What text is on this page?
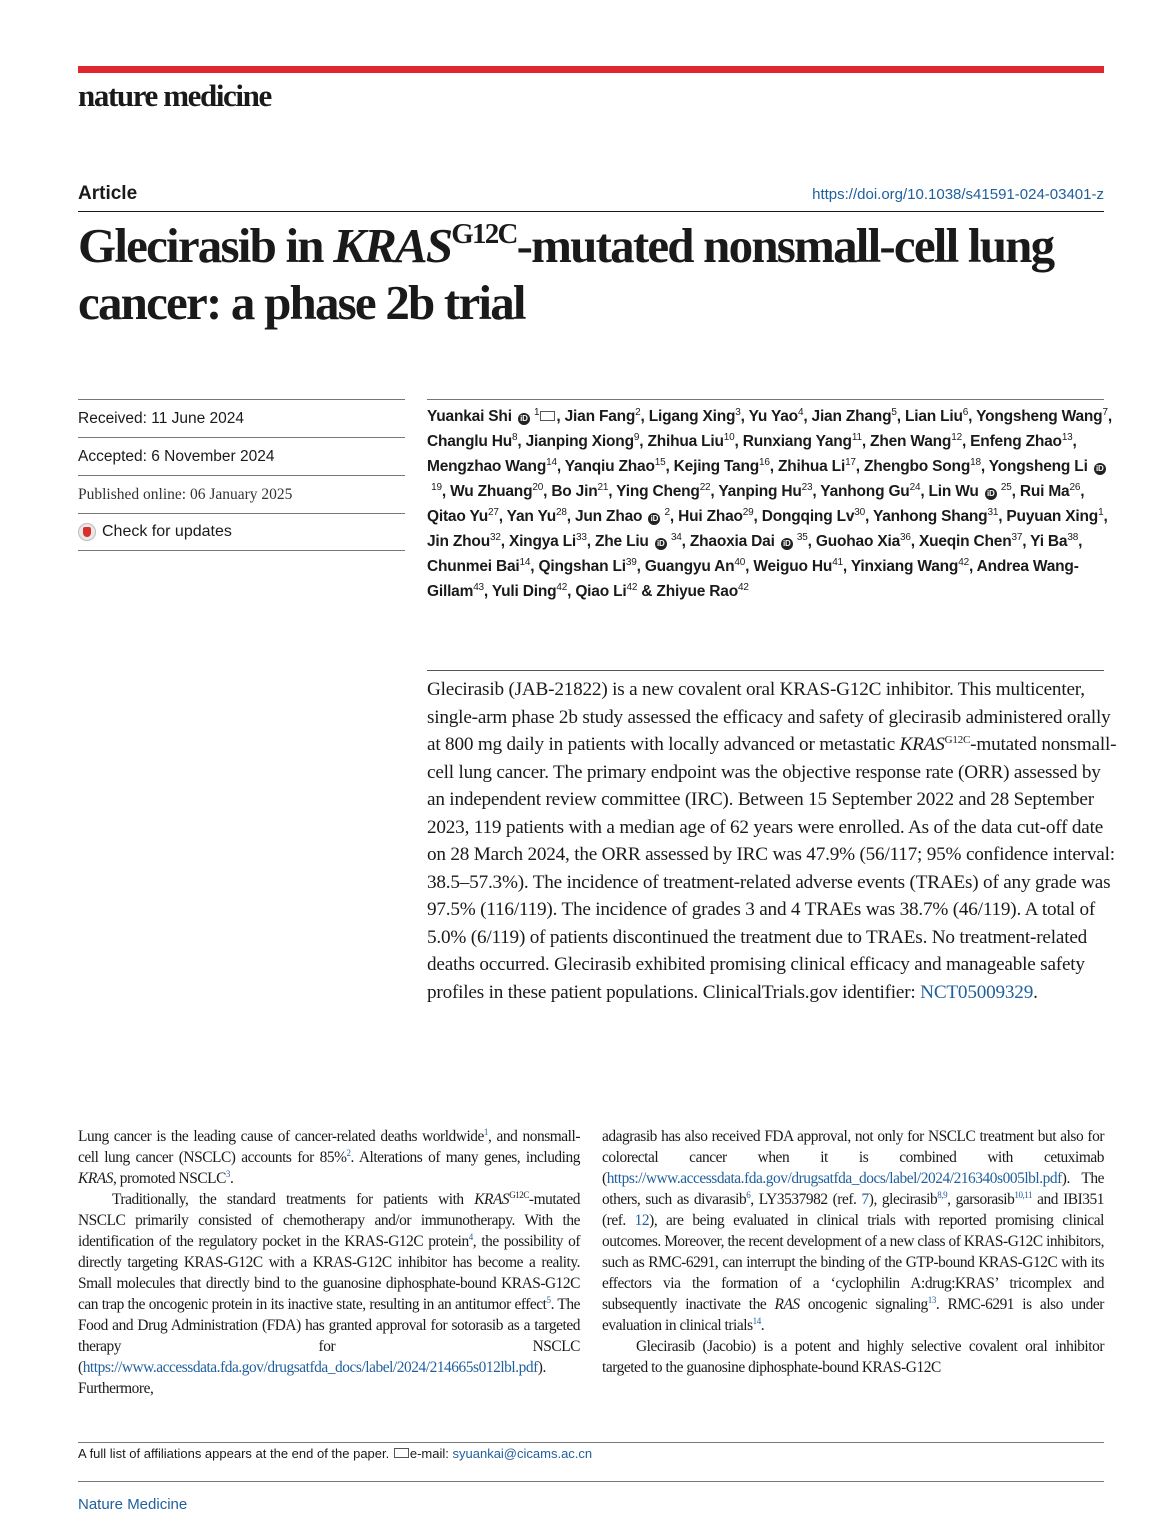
nature medicine
Article	https://doi.org/10.1038/s41591-024-03401-z
Glecirasib in $KRAS^{G12C}$-mutated nonsmall-cell lung cancer: a phase 2b trial
Received: 11 June 2024
Accepted: 6 November 2024
Published online: 06 January 2025
Check for updates
Yuankai Shi iD $^1$ , Jian Fang$^2$, Ligang Xing$^3$, Yu Yao$^4$, Jian Zhang$^5$, Lian Liu$^6$, Yongsheng Wang$^7$, Changlu Hu$^8$, Jianping Xiong$^9$, Zhihua Liu$^{10}$, Runxiang Yang$^{11}$, Zhen Wang$^{12}$, Enfeng Zhao$^{13}$, Mengzhao Wang$^{14}$, Yanqiu Zhao$^{15}$, Kejing Tang$^{16}$, Zhihua Li$^{17}$, Zhengbo Song$^{18}$, Yongsheng Li iD $^{19}$, Wu Zhuang$^{20}$, Bo Jin$^{21}$, Ying Cheng$^{22}$, Yanping Hu$^{23}$, Yanhong Gu$^{24}$, Lin Wu iD $^{25}$, Rui Ma$^{26}$, Qitao Yu$^{27}$, Yan Yu$^{28}$, Jun Zhao iD $^2$, Hui Zhao$^{29}$, Dongqing Lv$^{30}$, Yanhong Shang$^{31}$, Puyuan Xing$^1$, Jin Zhou$^{32}$, Xingya Li$^{33}$, Zhe Liu iD $^{34}$, Zhaoxia Dai iD $^{35}$, Guohao Xia$^{36}$, Xueqin Chen$^{37}$, Yi Ba$^{38}$, Chunmei Bai$^{14}$, Qingshan Li$^{39}$, Guangyu An$^{40}$, Weiguo Hu$^{41}$, Yinxiang Wang$^{42}$, Andrea Wang-Gillam$^{43}$, Yuli Ding$^{42}$, Qiao Li$^{42}$ & Zhiyue Rao$^{42}$

Glecirasib (JAB-21822) is a new covalent oral KRAS-G12C inhibitor. This multicenter, single-arm phase 2b study assessed the efficacy and safety of glecirasib administered orally at 800 mg daily in patients with locally advanced or metastatic $KRAS^{G12C}$-mutated nonsmall-cell lung cancer. The primary endpoint was the objective response rate (ORR) assessed by an independent review committee (IRC). Between 15 September 2022 and 28 September 2023, 119 patients with a median age of 62 years were enrolled. As of the data cut-off date on 28 March 2024, the ORR assessed by IRC was 47.9% (56/117; 95% confidence interval: 38.5–57.3%). The incidence of treatment-related adverse events (TRAEs) of any grade was 97.5% (116/119). The incidence of grades 3 and 4 TRAEs was 38.7% (46/119). A total of 5.0% (6/119) of patients discontinued the treatment due to TRAEs. No treatment-related deaths occurred. Glecirasib exhibited promising clinical efficacy and manageable safety profiles in these patient populations. ClinicalTrials.gov identifier: NCT05009329.

Lung cancer is the leading cause of cancer-related deaths worldwide$^1$, and nonsmall-cell lung cancer (NSCLC) accounts for 85%$^2$. Alterations of many genes, including KRAS, promoted NSCLC$^3$.

Traditionally, the standard treatments for patients with $KRAS^{G12C}$-mutated NSCLC primarily consisted of chemotherapy and/or immunotherapy. With the identification of the regulatory pocket in the KRAS-G12C protein$^4$, the possibility of directly targeting KRAS-G12C with a KRAS-G12C inhibitor has become a reality. Small molecules that directly bind to the guanosine diphosphate-bound KRAS-G12C can trap the oncogenic protein in its inactive state, resulting in an antitumor effect$^5$. The Food and Drug Administration (FDA) has granted approval for sotorasib as a targeted therapy for NSCLC (https://www.accessdata.fda.gov/drugsatfda_docs/label/2024/214665s012lbl.pdf). Furthermore,

adagrasib has also received FDA approval, not only for NSCLC treatment but also for colorectal cancer when it is combined with cetuximab (https://www.accessdata.fda.gov/drugsatfda_docs/label/2024/216340s005lbl.pdf). The others, such as divarasib$^6$, LY3537982 (ref. 7), glecirasib$^{8,9}$, garsorasib$^{10,11}$ and IBI351 (ref. 12), are being evaluated in clinical trials with reported promising clinical outcomes. Moreover, the recent development of a new class of KRAS-G12C inhibitors, such as RMC-6291, can interrupt the binding of the GTP-bound KRAS-G12C with its effectors via the formation of a ‘cyclophilin A:drug:KRAS’ tricomplex and subsequently inactivate the RAS oncogenic signaling$^{13}$. RMC-6291 is also under evaluation in clinical trials$^{14}$.

Glecirasib (Jacobio) is a potent and highly selective covalent oral inhibitor targeted to the guanosine diphosphate-bound KRAS-G12C

A full list of affiliations appears at the end of the paper. e-mail: syuankai@cicams.ac.cn
Nature Medicine
